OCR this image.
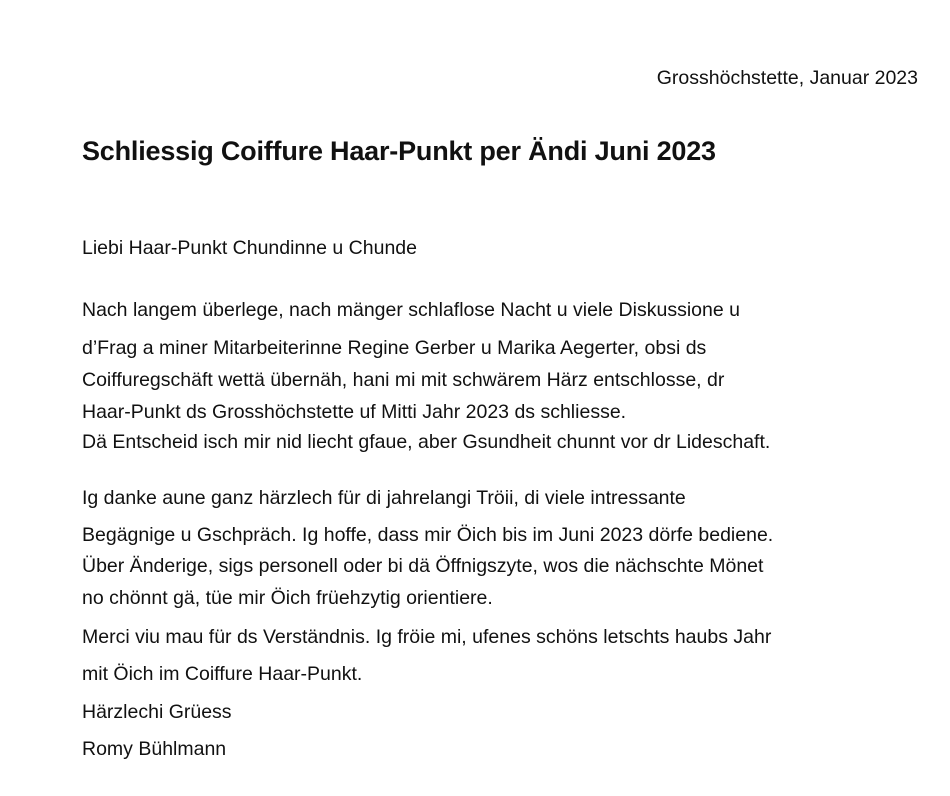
Grosshöchstette, Januar 2023
Schliessig Coiffure Haar-Punkt per Ändi Juni 2023

Liebi Haar-Punkt Chundinne u Chunde

Nach langem überlege, nach mänger schlaflose Nacht u viele Diskussione u

d’Frag a miner Mitarbeiterinne Regine Gerber u Marika Aegerter, obsi ds

Coiffuregschäft wettä übernäh, hani mi mit schwärem Härz entschlosse, dr

Haar-Punkt ds Grosshöchstette uf Mitti Jahr 2023 ds schliesse.

Dä Entscheid isch mir nid liecht gfaue, aber Gsundheit chunnt vor dr Lideschaft.

Ig danke aune ganz härzlech für di jahrelangi Tröii, di viele intressante

Begägnige u Gschpräch. Ig hoffe, dass mir Öich bis im Juni 2023 dörfe bediene.

Über Änderige, sigs personell oder bi dä Öffnigszyte, wos die nächschte Mönet

no chönnt gä, tüe mir Öich früehzytig orientiere.

Merci viu mau für ds Verständnis. Ig fröie mi, ufenes schöns letschts haubs Jahr

mit Öich im Coiffure Haar-Punkt.

Härzlechi Grüess

Romy Bühlmann
